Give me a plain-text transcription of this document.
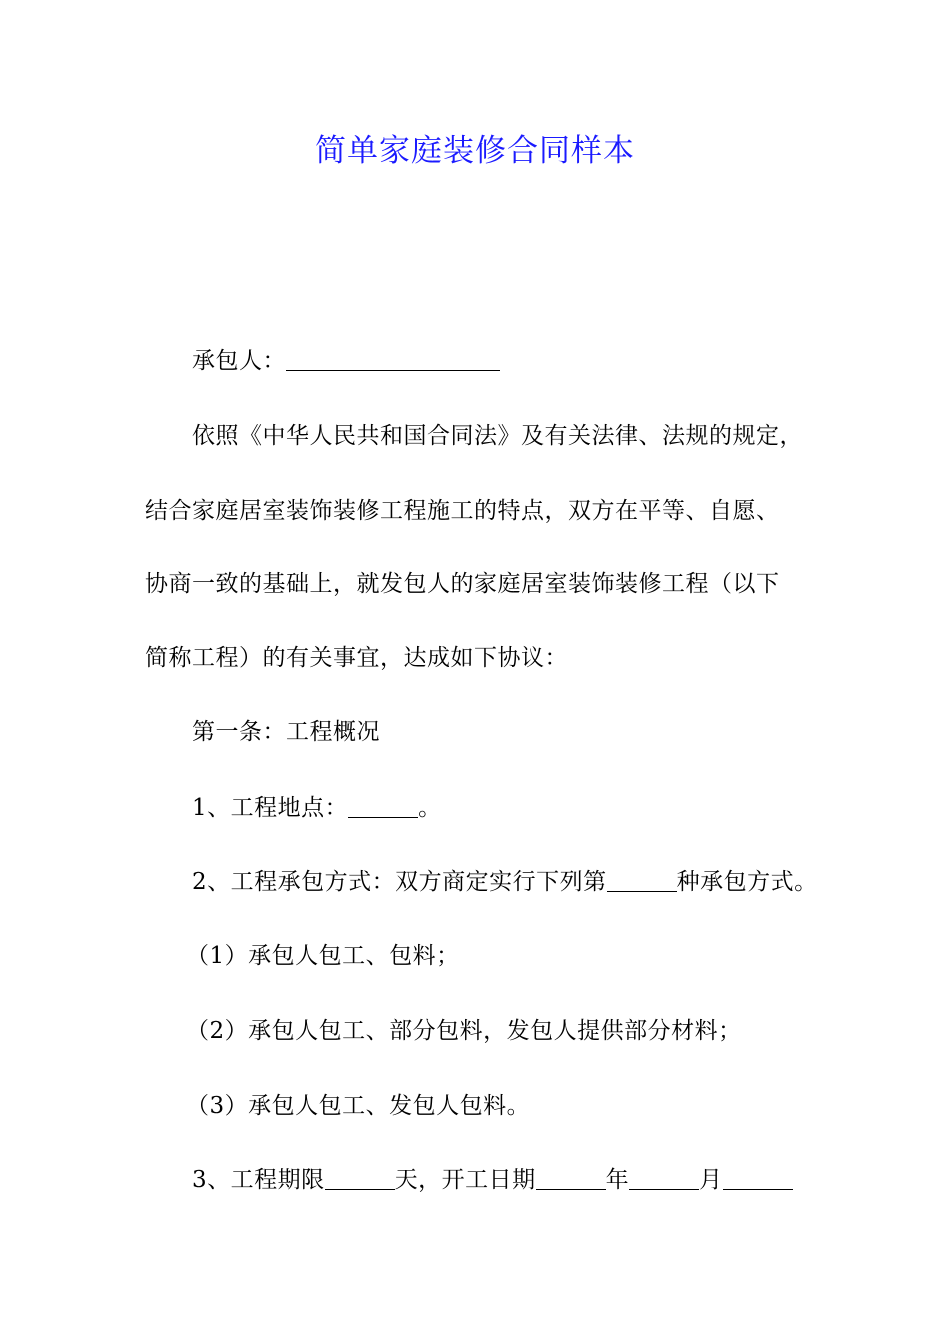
简单家庭装修合同样本
承包人：
依照《中华人民共和国合同法》及有关法律、法规的规定，
结合家庭居室装饰装修工程施工的特点，双方在平等、自愿、
协商一致的基础上，就发包人的家庭居室装饰装修工程（以下
简称工程）的有关事宜，达成如下协议：
第一条：工程概况
1、工程地点：	。
2、工程承包方式：双方商定实行下列第	种承包方式。
（1）承包人包工、包料；
（2）承包人包工、部分包料，发包人提供部分材料；
（3）承包人包工、发包人包料。
3、工程期限	天，开工日期	年	月
